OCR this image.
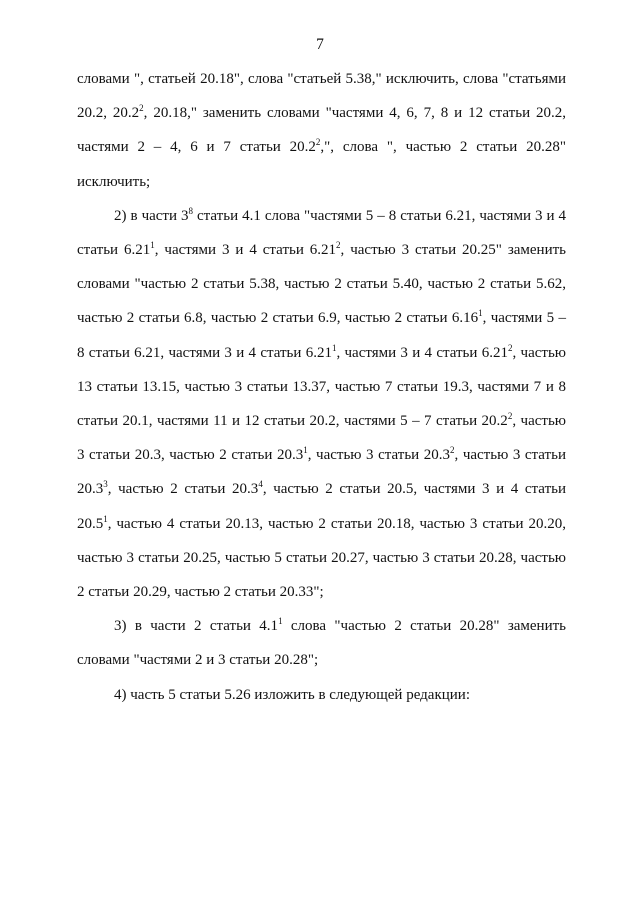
7

словами ", статьей 20.18", слова "статьей 5.38," исключить, слова "статьями 20.2, 20.2$^2$, 20.18," заменить словами "частями 4, 6, 7, 8 и 12 статьи 20.2, частями 2 – 4, 6 и 7 статьи 20.2$^2$,", слова ", частью 2 статьи 20.28" исключить;

2) в части $3^8$ статьи 4.1 слова "частями 5 – 8 статьи 6.21, частями 3 и 4 статьи 6.21$^1$, частями 3 и 4 статьи 6.21$^2$, частью 3 статьи 20.25" заменить словами "частью 2 статьи 5.38, частью 2 статьи 5.40, частью 2 статьи 5.62, частью 2 статьи 6.8, частью 2 статьи 6.9, частью 2 статьи 6.16$^1$, частями 5 – 8 статьи 6.21, частями 3 и 4 статьи 6.21$^1$, частями 3 и 4 статьи 6.21$^2$, частью 13 статьи 13.15, частью 3 статьи 13.37, частью 7 статьи 19.3, частями 7 и 8 статьи 20.1, частями 11 и 12 статьи 20.2, частями 5 – 7 статьи 20.2$^2$, частью 3 статьи 20.3, частью 2 статьи 20.3$^1$, частью 3 статьи 20.3$^2$, частью 3 статьи 20.3$^3$, частью 2 статьи 20.3$^4$, частью 2 статьи 20.5, частями 3 и 4 статьи 20.5$^1$, частью 4 статьи 20.13, частью 2 статьи 20.18, частью 3 статьи 20.20, частью 3 статьи 20.25, частью 5 статьи 20.27, частью 3 статьи 20.28, частью 2 статьи 20.29, частью 2 статьи 20.33";

3) в части 2 статьи $4.1^1$ слова "частью 2 статьи 20.28" заменить словами "частями 2 и 3 статьи 20.28";

4) часть 5 статьи 5.26 изложить в следующей редакции:
